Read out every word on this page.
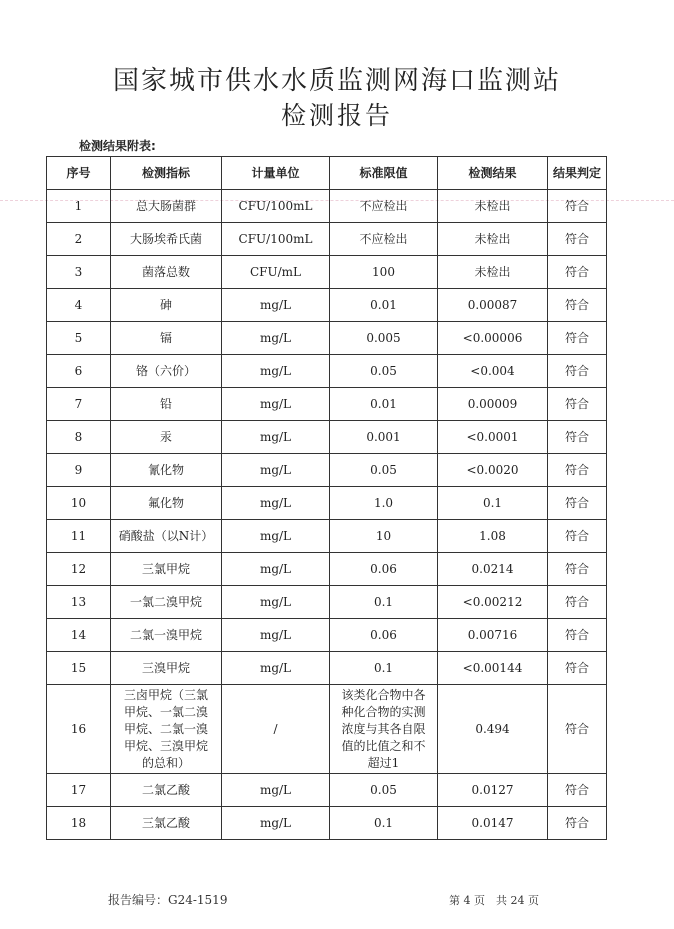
国家城市供水水质监测网海口监测站
检测报告
检测结果附表:
序号	检测指标	计量单位	标准限值	检测结果	结果判定
1	总大肠菌群	CFU/100mL	不应检出	未检出	符合
2	大肠埃希氏菌	CFU/100mL	不应检出	未检出	符合
3	菌落总数	CFU/mL	100	未检出	符合
4	砷	mg/L	0.01	0.00087	符合
5	镉	mg/L	0.005	<0.00006	符合
6	铬（六价）	mg/L	0.05	<0.004	符合
7	铅	mg/L	0.01	0.00009	符合
8	汞	mg/L	0.001	<0.0001	符合
9	氰化物	mg/L	0.05	<0.0020	符合
10	氟化物	mg/L	1.0	0.1	符合
11	硝酸盐（以N计）	mg/L	10	1.08	符合
12	三氯甲烷	mg/L	0.06	0.0214	符合
13	一氯二溴甲烷	mg/L	0.1	<0.00212	符合
14	二氯一溴甲烷	mg/L	0.06	0.00716	符合
15	三溴甲烷	mg/L	0.1	<0.00144	符合
16	三卤甲烷（三氯甲烷、一氯二溴甲烷、二氯一溴甲烷、三溴甲烷的总和）	/	该类化合物中各种化合物的实测浓度与其各自限值的比值之和不超过1	0.494	符合
17	二氯乙酸	mg/L	0.05	0.0127	符合
18	三氯乙酸	mg/L	0.1	0.0147	符合
报告编号：G24-1519	第 4 页　共 24 页
